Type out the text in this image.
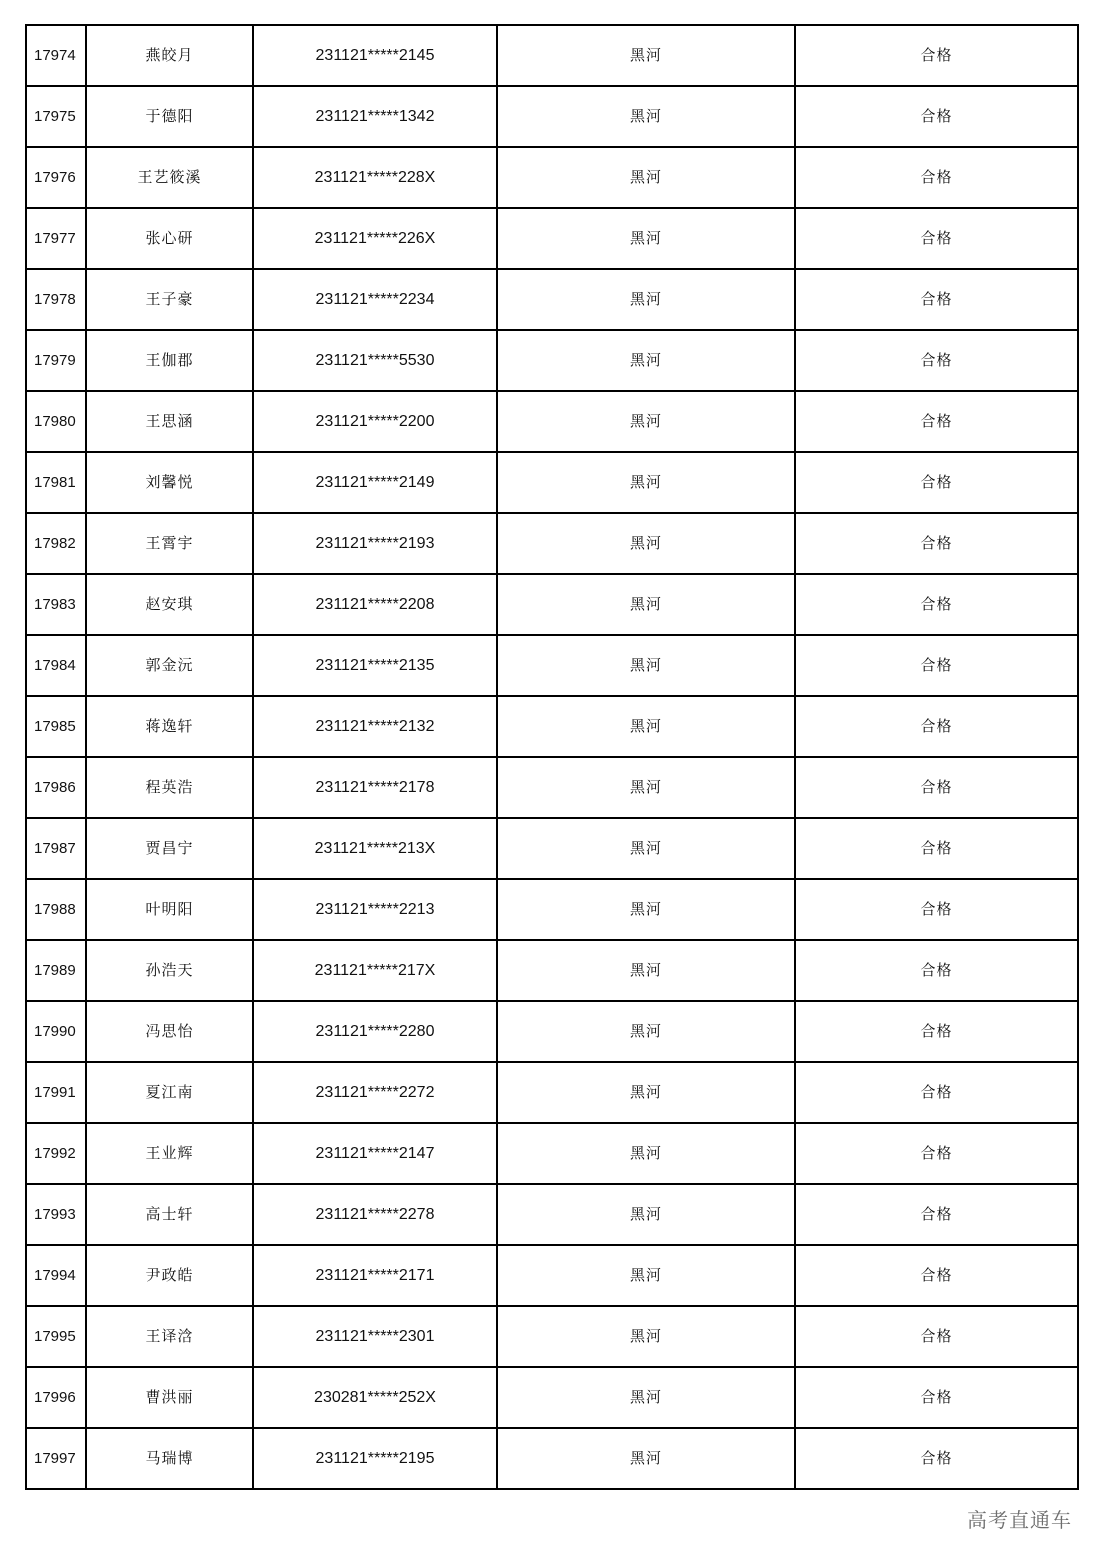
17974	燕皎月	231121*****2145	黑河	合格
17975	于德阳	231121*****1342	黑河	合格
17976	王艺筱溪	231121*****228X	黑河	合格
17977	张心研	231121*****226X	黑河	合格
17978	王子豪	231121*****2234	黑河	合格
17979	王伽郡	231121*****5530	黑河	合格
17980	王思涵	231121*****2200	黑河	合格
17981	刘馨悦	231121*****2149	黑河	合格
17982	王霄宇	231121*****2193	黑河	合格
17983	赵安琪	231121*****2208	黑河	合格
17984	郭金沅	231121*****2135	黑河	合格
17985	蒋逸轩	231121*****2132	黑河	合格
17986	程英浩	231121*****2178	黑河	合格
17987	贾昌宁	231121*****213X	黑河	合格
17988	叶明阳	231121*****2213	黑河	合格
17989	孙浩天	231121*****217X	黑河	合格
17990	冯思怡	231121*****2280	黑河	合格
17991	夏江南	231121*****2272	黑河	合格
17992	王业辉	231121*****2147	黑河	合格
17993	高士轩	231121*****2278	黑河	合格
17994	尹政皓	231121*****2171	黑河	合格
17995	王译浛	231121*****2301	黑河	合格
17996	曹洪丽	230281*****252X	黑河	合格
17997	马瑞博	231121*****2195	黑河	合格
高考直通车
